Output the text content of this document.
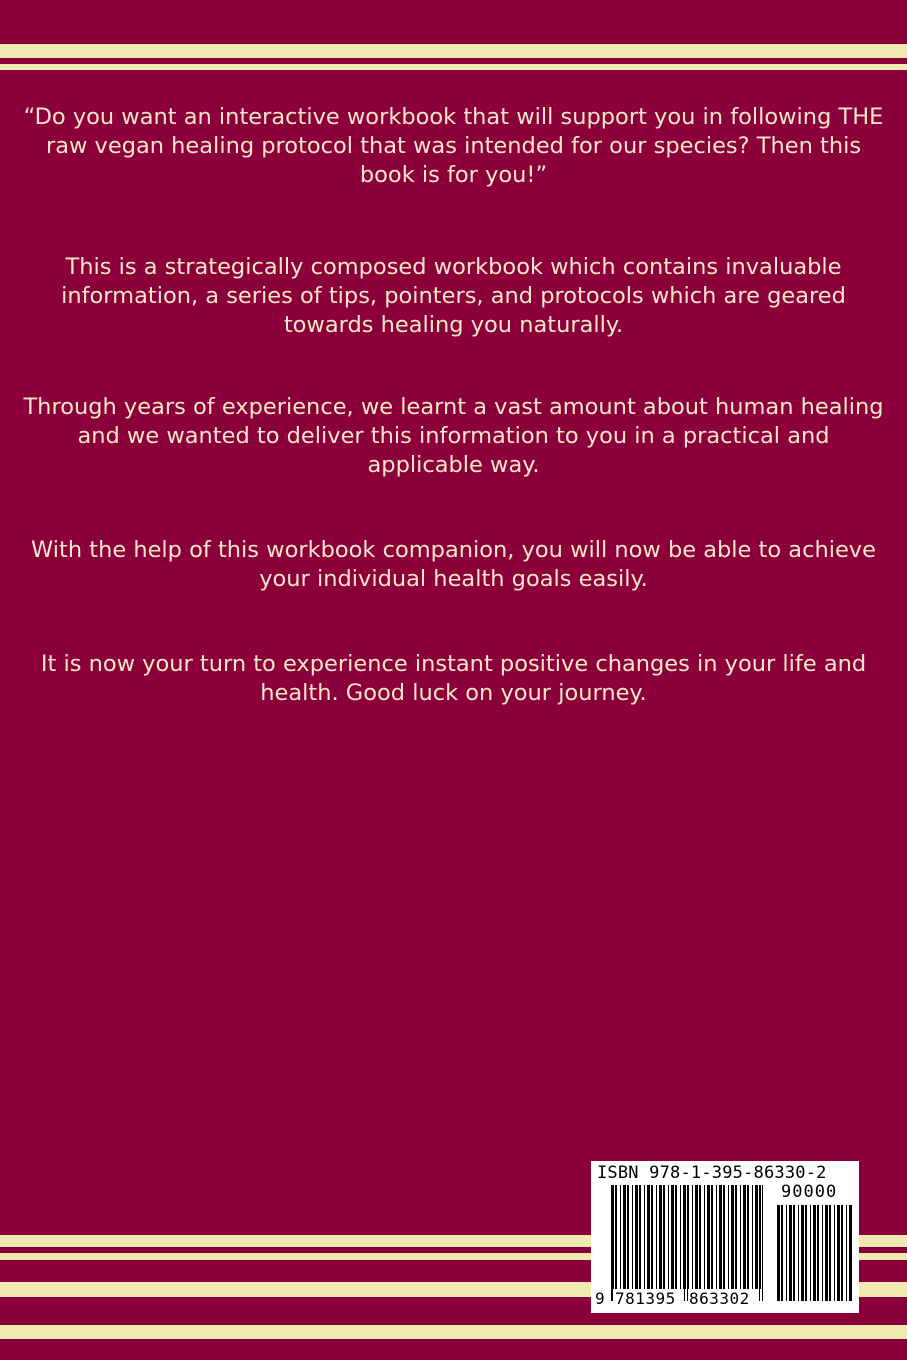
“Do you want an interactive workbook that will support you in following THE raw vegan healing protocol that was intended for our species? Then this book is for you!”

This is a strategically composed workbook which contains invaluable information, a series of tips, pointers, and protocols which are geared towards healing you naturally.

Through years of experience, we learnt a vast amount about human healing and we wanted to deliver this information to you in a practical and applicable way.

With the help of this workbook companion, you will now be able to achieve your individual health goals easily.

It is now your turn to experience instant positive changes in your life and health. Good luck on your journey.

ISBN 978-1-395-86330-2
90000
9 781395 863302
